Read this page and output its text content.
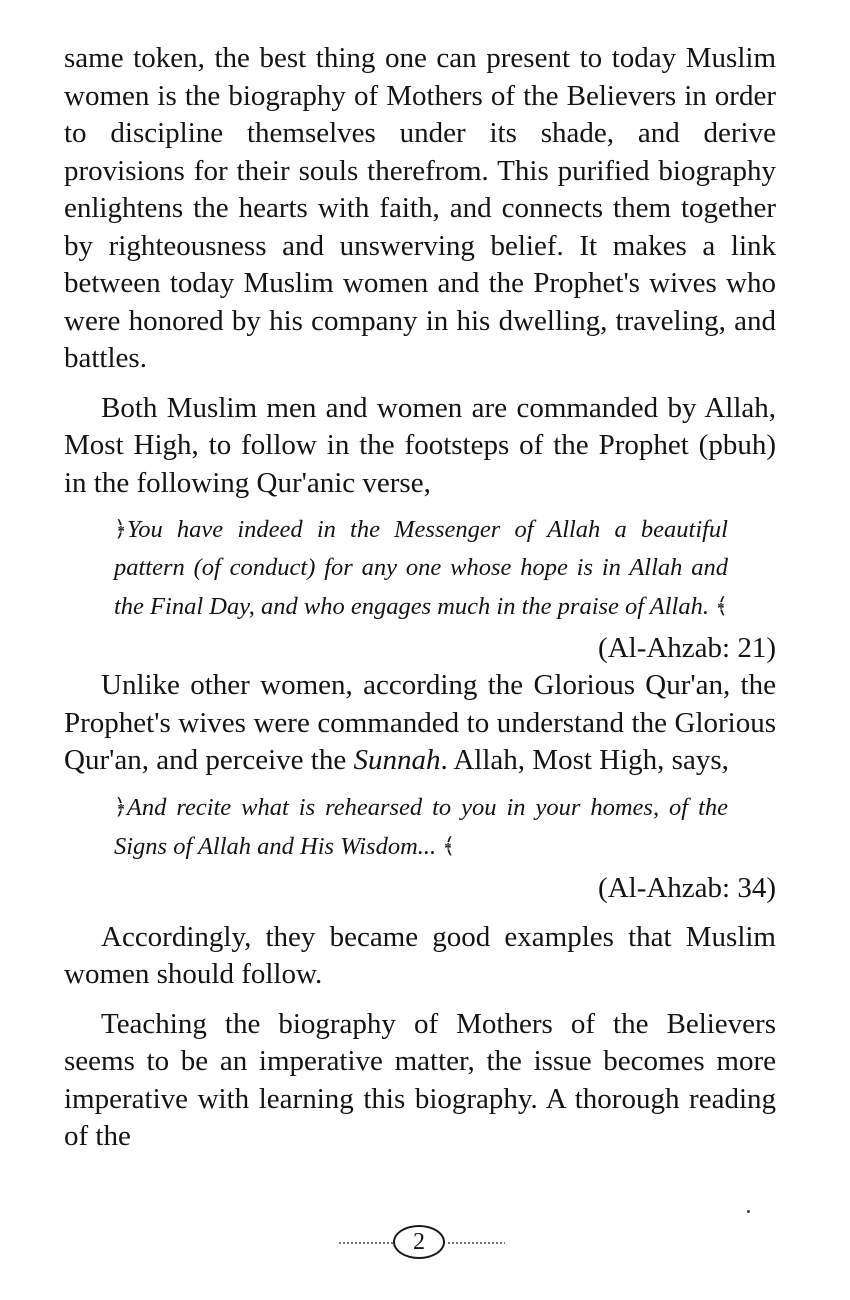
same token, the best thing one can present to today Muslim women is the biography of Mothers of the Believers in order to discipline themselves under its shade, and derive provisions for their souls therefrom. This purified biography enlightens the hearts with faith, and connects them together by righteousness and unswerving belief. It makes a link between today Muslim women and the Prophet's wives who were honored by his company in his dwelling, traveling, and battles.

Both Muslim men and women are commanded by Allah, Most High, to follow in the footsteps of the Prophet (pbuh) in the following Qur'anic verse,

﴿You have indeed in the Messenger of Allah a beautiful pattern (of conduct) for any one whose hope is in Allah and the Final Day, and who engages much in the praise of Allah. ﴾

(Al-Ahzab: 21)

Unlike other women, according the Glorious Qur'an, the Prophet's wives were commanded to understand the Glorious Qur'an, and perceive the Sunnah. Allah, Most High, says,

﴿And recite what is rehearsed to you in your homes, of the Signs of Allah and His Wisdom... ﴾

(Al-Ahzab: 34)

Accordingly, they became good examples that Muslim women should follow.

Teaching the biography of Mothers of the Believers seems to be an imperative matter, the issue becomes more imperative with learning this biography. A thorough reading of the

2
